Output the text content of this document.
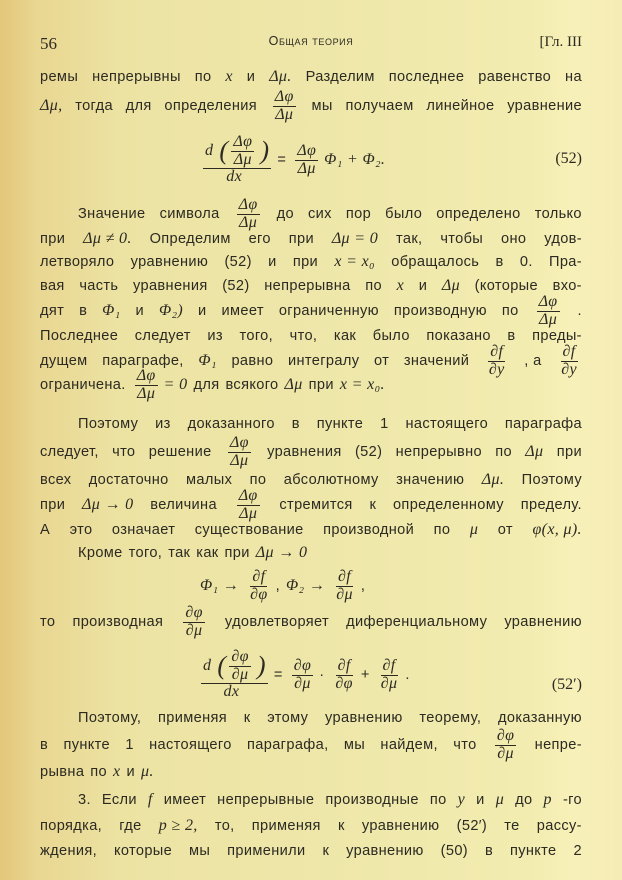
56	Общая теория	[Гл. III
ремы непрерывны по x и Δμ. Разделим последнее равенство на
Δμ, тогда для определения $\frac{\Delta\varphi}{\Delta\mu}$ мы получаем линейное уравнение
$\frac{d ( \frac{\Delta\varphi}{\Delta\mu} )}{dx} = \frac{\Delta\varphi}{\Delta\mu} \Phi_1 + \Phi_2$.
Значение символа $\frac{\Delta\varphi}{\Delta\mu}$ до сих пор было определено только
при Δμ ≠ 0. Определим его при Δμ = 0 так, чтобы оно удов-
летворяло уравнению (52) и при x = x₀ обращалось в 0. Пра-
вая часть уравнения (52) непрерывна по x и Δμ (которые вхо-
дят в Φ₁ и Φ₂) и имеет ограниченную производную по $\frac{\Delta\varphi}{\Delta\mu}$ .
Последнее следует из того, что, как было показано в преды-
дущем параграфе, Φ₁ равно интегралу от значений $\frac{\partial f}{\partial y}$ , а $\frac{\partial f}{\partial y}$
ограничена. $\frac{\Delta\varphi}{\Delta\mu} = 0$ для всякого Δμ при x = x₀.
Поэтому из доказанного в пункте 1 настоящего параграфа
следует, что решение $\frac{\Delta\varphi}{\Delta\mu}$ уравнения (52) непрерывно по Δμ при
всех достаточно малых по абсолютному значению Δμ. Поэтому
при Δμ → 0 величина $\frac{\Delta\varphi}{\Delta\mu}$ стремится к определенному пределу.
А это означает существование производной по μ от φ(x, μ).
Кроме того, так как при Δμ → 0
$\Phi_1 \to \frac{\partial f}{\partial\varphi}$ , $\Phi_2 \to \frac{\partial f}{\partial\mu}$ ,
то производная $\frac{\partial\varphi}{\partial\mu}$ удовлетворяет диференциальному уравнению
$\frac{d ( \frac{\partial\varphi}{\partial\mu} )}{dx} = \frac{\partial\varphi}{\partial\mu} \cdot \frac{\partial f}{\partial\varphi} + \frac{\partial f}{\partial\mu}$ .
Поэтому, применяя к этому уравнению теорему, доказанную
в пункте 1 настоящего параграфа, мы найдем, что $\frac{\partial\varphi}{\partial\mu}$ непре-
рывна по x и μ.
3. Если f имеет непрерывные производные по y и μ до p -го
порядка, где p ≥ 2, то, применяя к уравнению (52′) те рассу-
ждения, которые мы применили к уравнению (50) в пункте 2
(52)
(52′)
